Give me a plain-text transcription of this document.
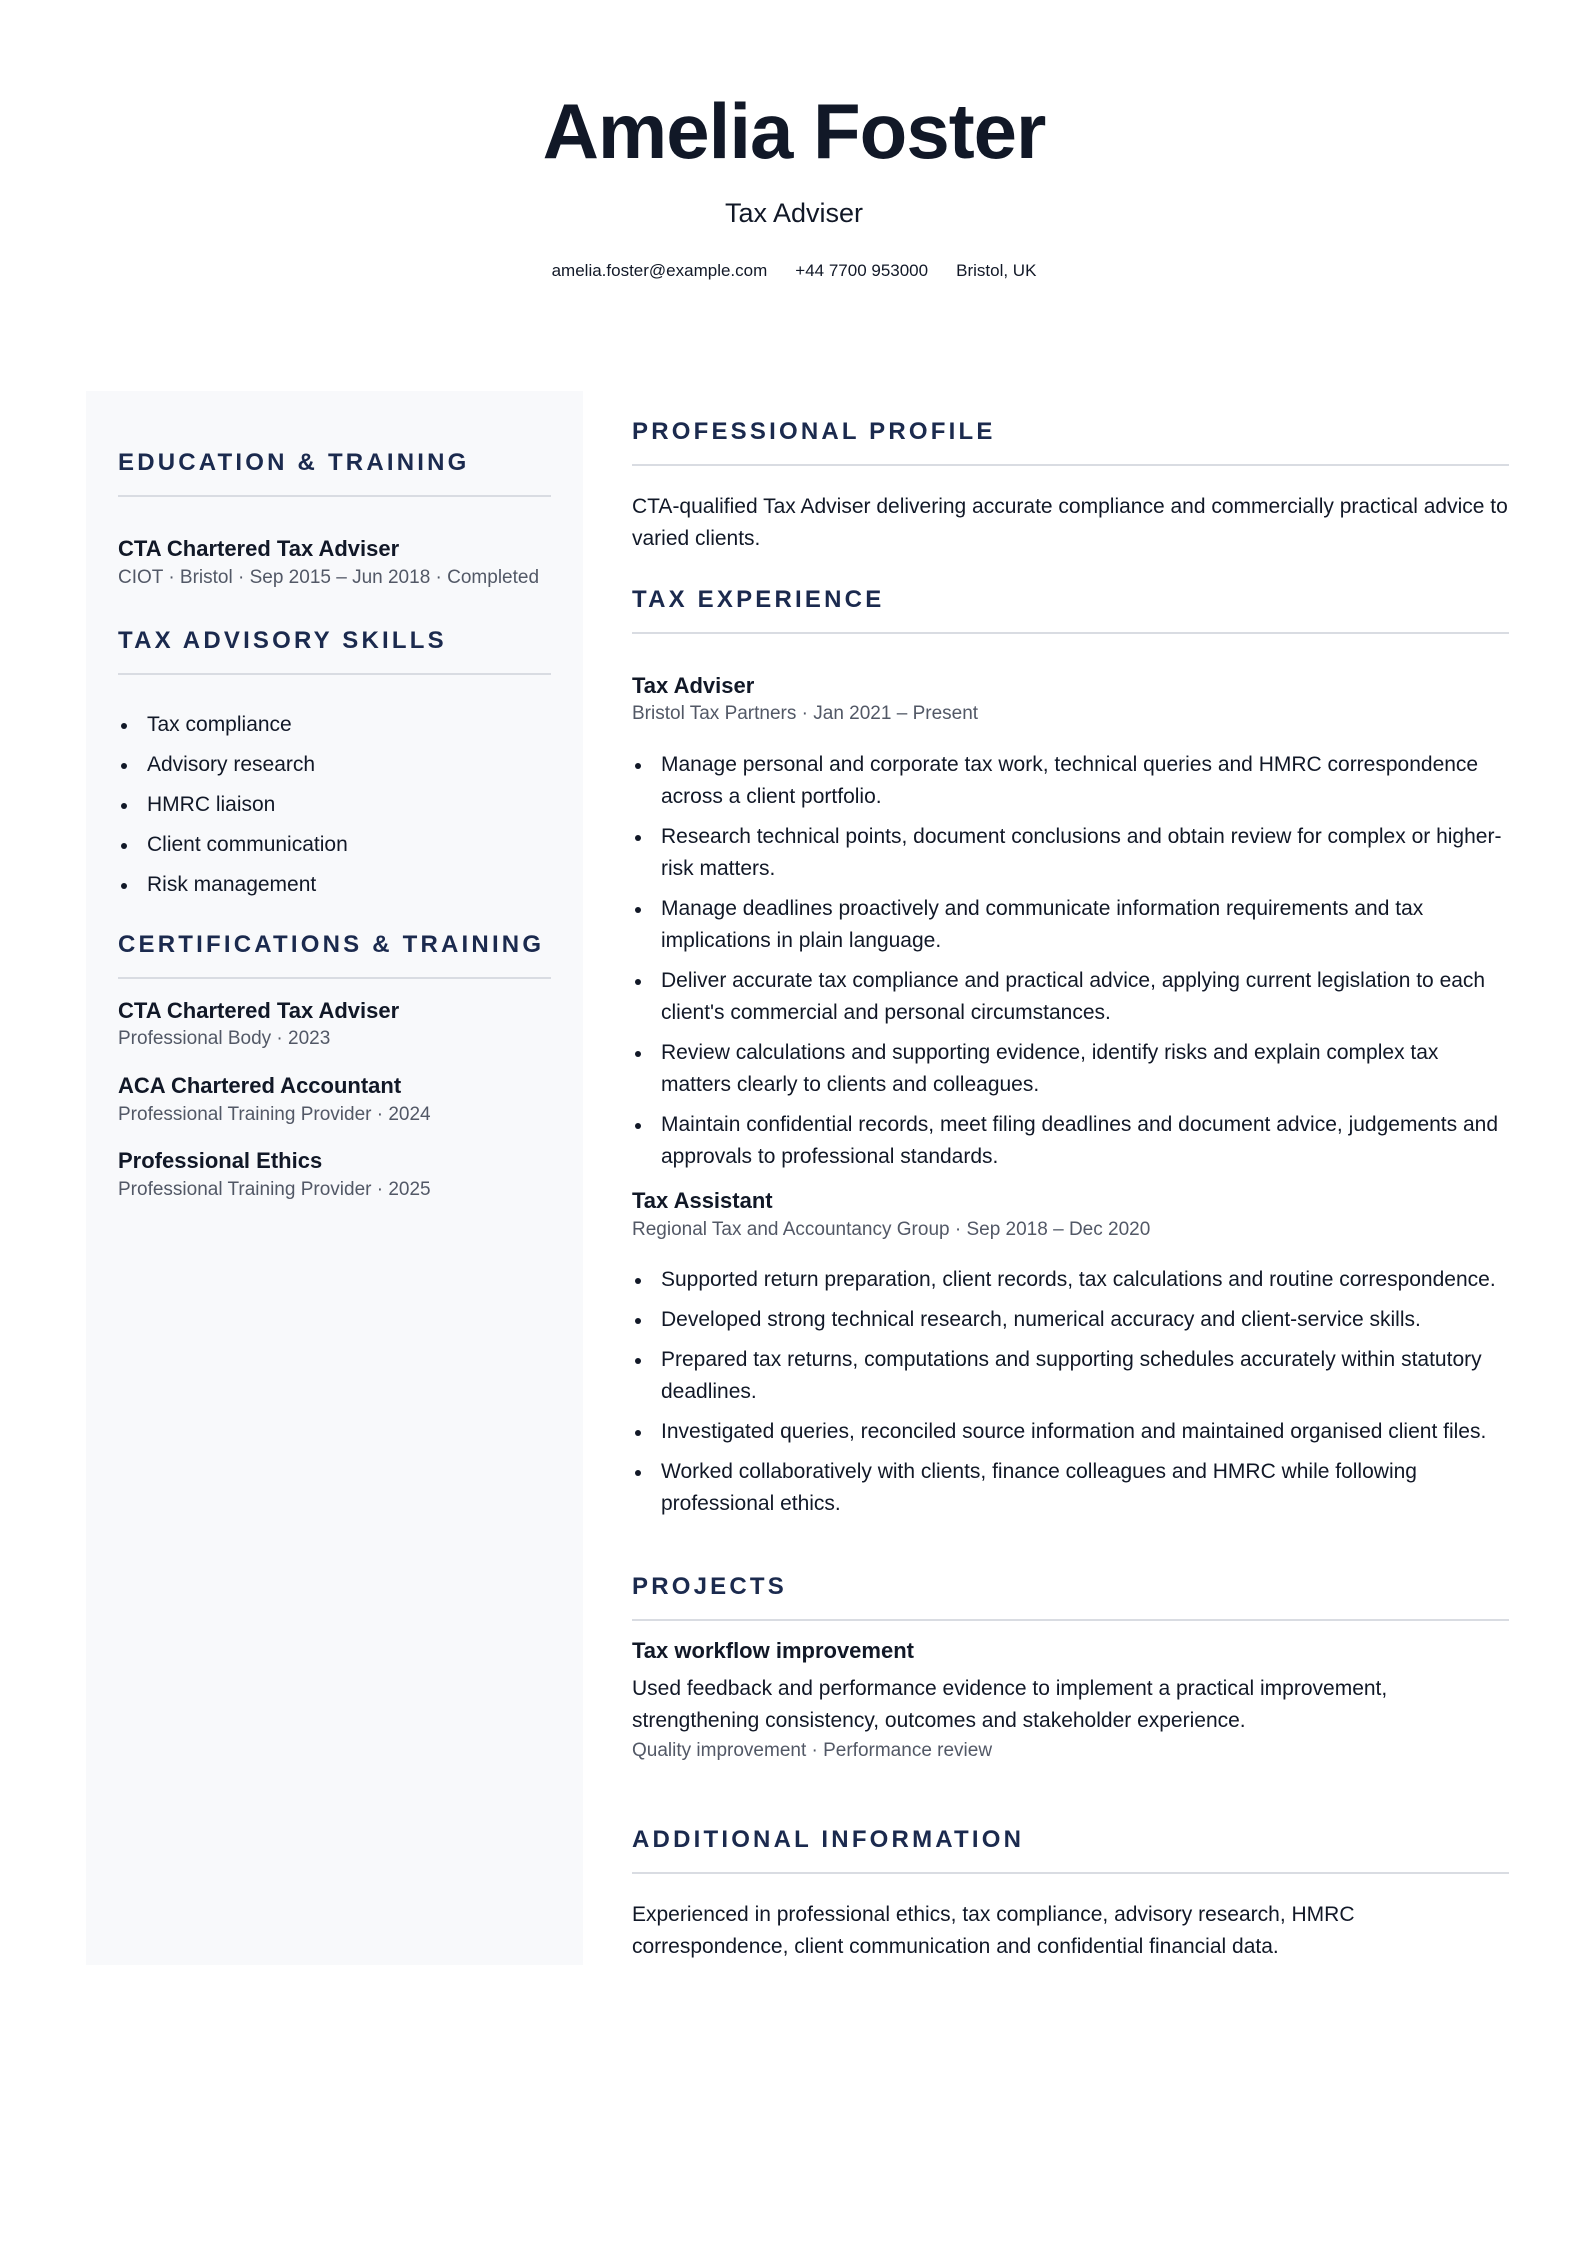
Amelia Foster
Tax Adviser
amelia.foster@example.com +44 7700 953000 Bristol, UK
EDUCATION & TRAINING
CTA Chartered Tax Adviser
CIOT · Bristol · Sep 2015 – Jun 2018 · Completed
TAX ADVISORY SKILLS
Tax compliance
Advisory research
HMRC liaison
Client communication
Risk management
CERTIFICATIONS & TRAINING
CTA Chartered Tax Adviser
Professional Body · 2023
ACA Chartered Accountant
Professional Training Provider · 2024
Professional Ethics
Professional Training Provider · 2025
PROFESSIONAL PROFILE

CTA-qualified Tax Adviser delivering accurate compliance and commercially practical advice to varied clients.

TAX EXPERIENCE
Tax Adviser
Bristol Tax Partners · Jan 2021 – Present
Manage personal and corporate tax work, technical queries and HMRC correspondence across a client portfolio.
Research technical points, document conclusions and obtain review for complex or higher-risk matters.
Manage deadlines proactively and communicate information requirements and tax implications in plain language.
Deliver accurate tax compliance and practical advice, applying current legislation to each client's commercial and personal circumstances.
Review calculations and supporting evidence, identify risks and explain complex tax matters clearly to clients and colleagues.
Maintain confidential records, meet filing deadlines and document advice, judgements and approvals to professional standards.
Tax Assistant
Regional Tax and Accountancy Group · Sep 2018 – Dec 2020
Supported return preparation, client records, tax calculations and routine correspondence.
Developed strong technical research, numerical accuracy and client-service skills.
Prepared tax returns, computations and supporting schedules accurately within statutory deadlines.
Investigated queries, reconciled source information and maintained organised client files.
Worked collaboratively with clients, finance colleagues and HMRC while following professional ethics.
PROJECTS
Tax workflow improvement

Used feedback and performance evidence to implement a practical improvement, strengthening consistency, outcomes and stakeholder experience.

Quality improvement · Performance review
ADDITIONAL INFORMATION

Experienced in professional ethics, tax compliance, advisory research, HMRC correspondence, client communication and confidential financial data.
